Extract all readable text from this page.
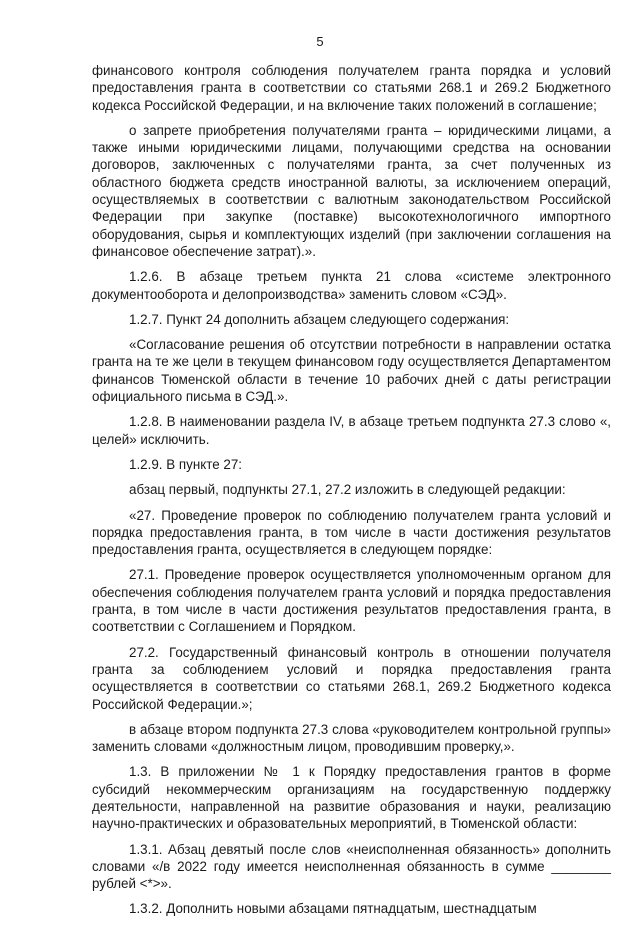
5

финансового контроля соблюдения получателем гранта порядка и условий предоставления гранта в соответствии со статьями 268.1 и 269.2 Бюджетного кодекса Российской Федерации, и на включение таких положений в соглашение;

о запрете приобретения получателями гранта – юридическими лицами, а также иными юридическими лицами, получающими средства на основании договоров, заключенных с получателями гранта, за счет полученных из областного бюджета средств иностранной валюты, за исключением операций, осуществляемых в соответствии с валютным законодательством Российской Федерации при закупке (поставке) высокотехнологичного импортного оборудования, сырья и комплектующих изделий (при заключении соглашения на финансовое обеспечение затрат).».

1.2.6. В абзаце третьем пункта 21 слова «системе электронного документооборота и делопроизводства» заменить словом «СЭД».

1.2.7. Пункт 24 дополнить абзацем следующего содержания:

«Согласование решения об отсутствии потребности в направлении остатка гранта на те же цели в текущем финансовом году осуществляется Департаментом финансов Тюменской области в течение 10 рабочих дней с даты регистрации официального письма в СЭД.».

1.2.8. В наименовании раздела IV, в абзаце третьем подпункта 27.3 слово «, целей» исключить.

1.2.9. В пункте 27:

абзац первый, подпункты 27.1, 27.2 изложить в следующей редакции:

«27. Проведение проверок по соблюдению получателем гранта условий и порядка предоставления гранта, в том числе в части достижения результатов предоставления гранта, осуществляется в следующем порядке:

27.1. Проведение проверок осуществляется уполномоченным органом для обеспечения соблюдения получателем гранта условий и порядка предоставления гранта, в том числе в части достижения результатов предоставления гранта, в соответствии с Соглашением и Порядком.

27.2. Государственный финансовый контроль в отношении получателя гранта за соблюдением условий и порядка предоставления гранта осуществляется в соответствии со статьями 268.1, 269.2 Бюджетного кодекса Российской Федерации.»;

в абзаце втором подпункта 27.3 слова «руководителем контрольной группы» заменить словами «должностным лицом, проводившим проверку,».

1.3. В приложении № 1 к Порядку предоставления грантов в форме субсидий некоммерческим организациям на государственную поддержку деятельности, направленной на развитие образования и науки, реализацию научно-практических и образовательных мероприятий, в Тюменской области:

1.3.1. Абзац девятый после слов «неисполненная обязанность» дополнить словами «/в 2022 году имеется неисполненная обязанность в сумме ________ рублей <*>».

1.3.2. Дополнить новыми абзацами пятнадцатым, шестнадцатым
